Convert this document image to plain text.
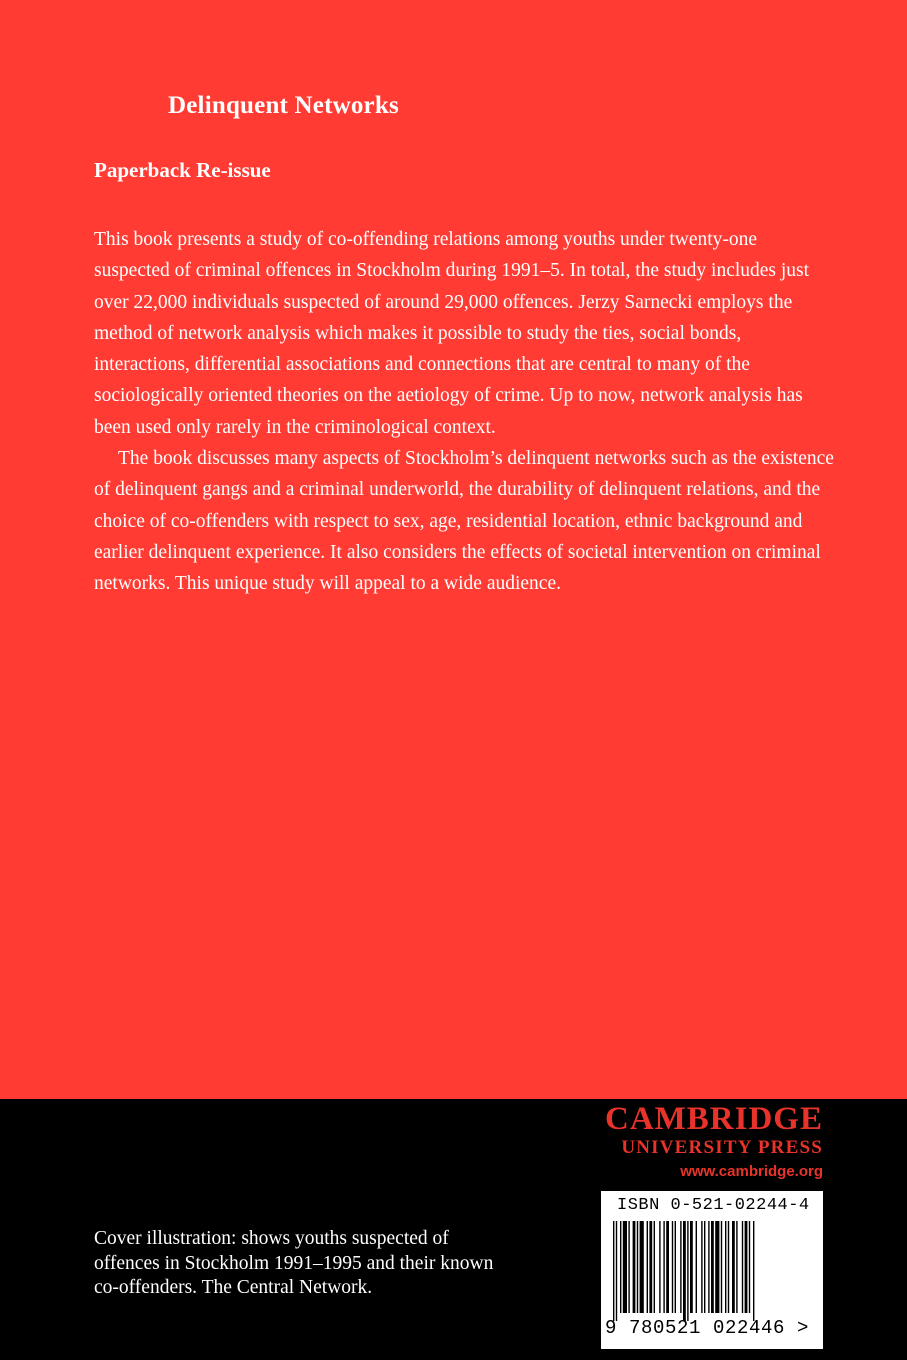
Delinquent Networks
Paperback Re-issue

This book presents a study of co-offending relations among youths under twenty-one suspected of criminal offences in Stockholm during 1991–5. In total, the study includes just over 22,000 individuals suspected of around 29,000 offences. Jerzy Sarnecki employs the method of network analysis which makes it possible to study the ties, social bonds, interactions, differential associations and connections that are central to many of the sociologically oriented theories on the aetiology of crime. Up to now, network analysis has been used only rarely in the criminological context.

The book discusses many aspects of Stockholm’s delinquent networks such as the existence of delinquent gangs and a criminal underworld, the durability of delinquent relations, and the choice of co-offenders with respect to sex, age, residential location, ethnic background and earlier delinquent experience. It also considers the effects of societal intervention on criminal networks. This unique study will appeal to a wide audience.

Cover illustration: shows youths suspected of offences in Stockholm 1991–1995 and their known co-offenders. The Central Network.
CAMBRIDGE
UNIVERSITY PRESS
www.cambridge.org
ISBN 0-521-02244-4
9 780521 022446 >
